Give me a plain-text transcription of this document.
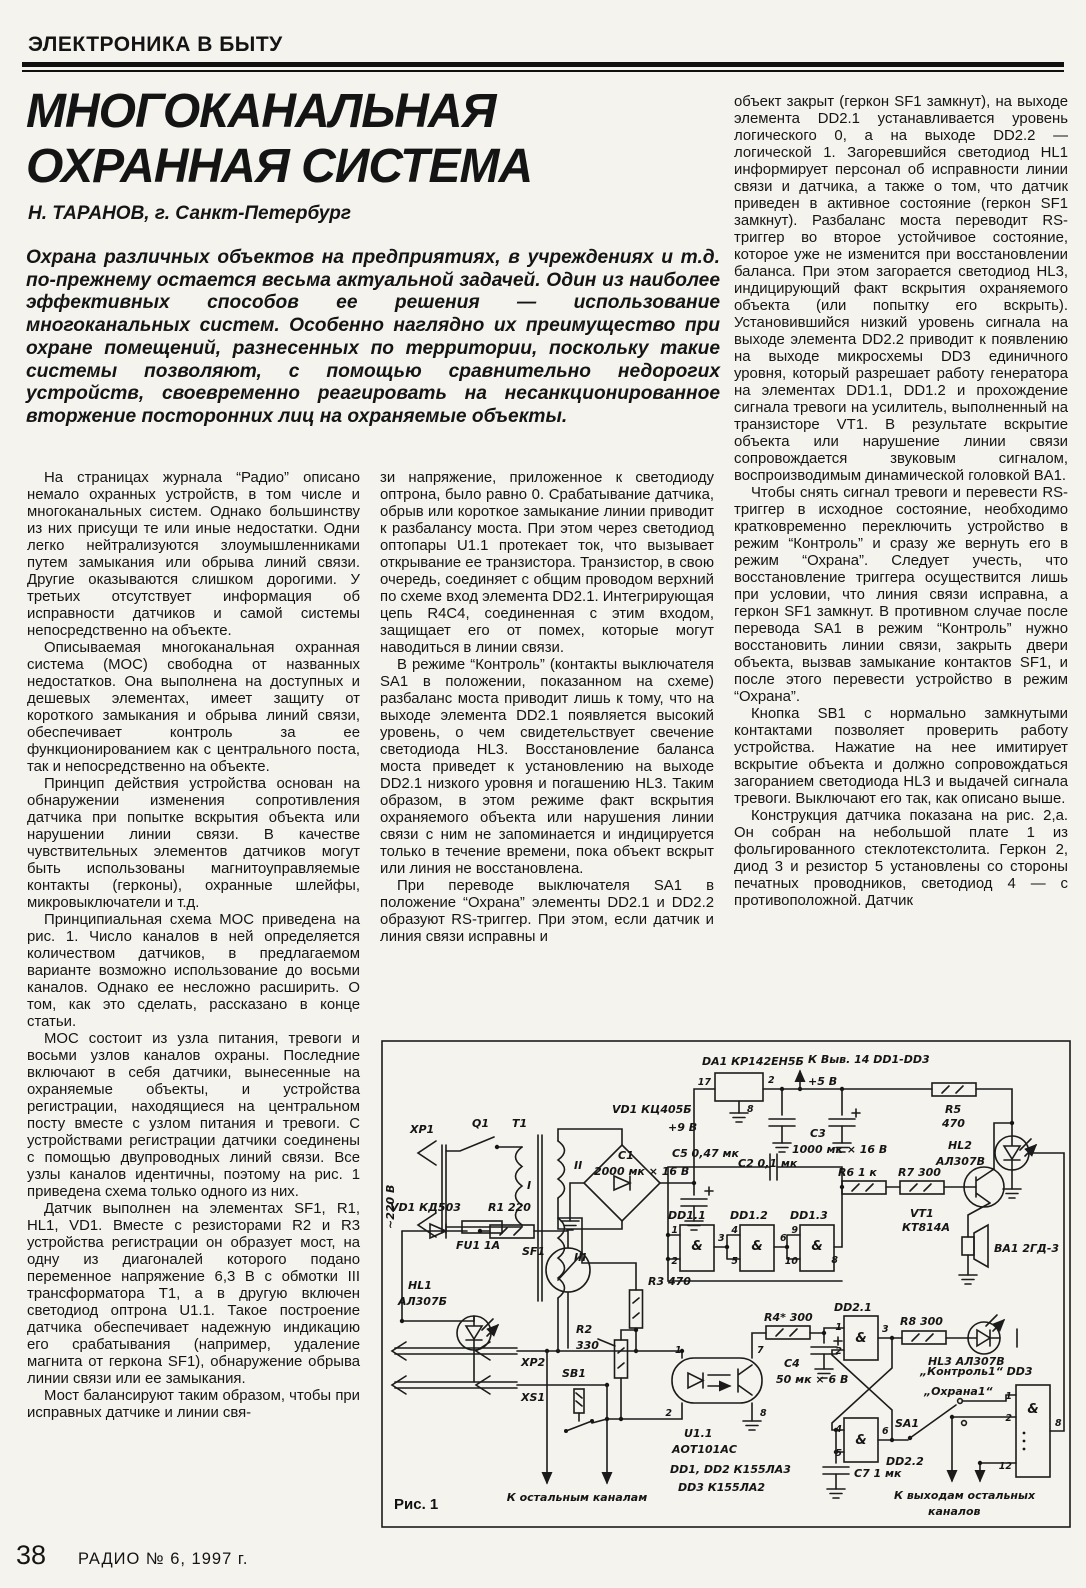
ЭЛЕКТРОНИКА В БЫТУ
МНОГОКАНАЛЬНАЯ
ОХРАННАЯ СИСТЕМА
Н. ТАРАНОВ, г. Санкт-Петербург
Охрана различных объектов на предприятиях, в учреждениях и т.д. по-прежнему остается весьма актуальной задачей. Один из наиболее эффективных способов ее решения — использование многоканальных систем. Особенно наглядно их преимущество при охране помещений, разнесенных по территории, поскольку такие системы позволяют, с помощью сравнительно недорогих устройств, своевременно реагировать на несанкционированное вторжение посторонних лиц на охраняемые объекты.

На страницах журнала “Радио” описано немало охранных устройств, в том числе и многоканальных систем. Однако большинству из них присущи те или иные недостатки. Одни легко нейтрализуются злоумышленниками путем замыкания или обрыва линий связи. Другие оказываются слишком дорогими. У третьих отсутствует информация об исправности датчиков и самой системы непосредственно на объекте.

Описываемая многоканальная охранная система (МОС) свободна от названных недостатков. Она выполнена на доступных и дешевых элементах, имеет защиту от короткого замыкания и обрыва линий связи, обеспечивает контроль за ее функционированием как с центрального поста, так и непосредственно на объекте.

Принцип действия устройства основан на обнаружении изменения сопротивления датчика при попытке вскрытия объекта или нарушении линии связи. В качестве чувствительных элементов датчиков могут быть использованы магнитоуправляемые контакты (герконы), охранные шлейфы, микровыключатели и т.д.

Принципиальная схема МОС приведена на рис. 1. Число каналов в ней определяется количеством датчиков, в предлагаемом варианте возможно использование до восьми каналов. Однако ее несложно расширить. О том, как это сделать, рассказано в конце статьи.

МОС состоит из узла питания, тревоги и восьми узлов каналов охраны. Последние включают в себя датчики, вынесенные на охраняемые объекты, и устройства регистрации, находящиеся на центральном посту вместе с узлом питания и тревоги. С устройствами регистрации датчики соединены с помощью двупроводных линий связи. Все узлы каналов идентичны, поэтому на рис. 1 приведена схема только одного из них.

Датчик выполнен на элементах SF1, R1, HL1, VD1. Вместе с резисторами R2 и R3 устройства регистрации он образует мост, на одну из диагоналей которого подано переменное напряжение 6,3 В с обмотки III трансформатора Т1, а в другую включен светодиод оптрона U1.1. Такое построение датчика обеспечивает надежную индикацию его срабатывания (например, удаление магнита от геркона SF1), обнаружение обрыва линии связи или ее замыкания.

Мост балансируют таким образом, чтобы при исправных датчике и линии свя-

зи напряжение, приложенное к светодиоду оптрона, было равно 0. Срабатывание датчика, обрыв или короткое замыкание линии приводит к разбалансу моста. При этом через светодиод оптопары U1.1 протекает ток, что вызывает открывание ее транзистора. Транзистор, в свою очередь, соединяет с общим проводом верхний по схеме вход элемента DD2.1. Интегрирующая цепь R4C4, соединенная с этим входом, защищает его от помех, которые могут наводиться в линии связи.

В режиме “Контроль” (контакты выключателя SA1 в положении, показанном на схеме) разбаланс моста приводит лишь к тому, что на выходе элемента DD2.1 появляется высокий уровень, о чем свидетельствует свечение светодиода HL3. Восстановление баланса моста приведет к установлению на выходе DD2.1 низкого уровня и погашению HL3. Таким образом, в этом режиме факт вскрытия охраняемого объекта или нарушения линии связи с ним не запоминается и индицируется только в течение времени, пока объект вскрыт или линия не восстановлена.

При переводе выключателя SA1 в положение “Охрана” элементы DD2.1 и DD2.2 образуют RS-триггер. При этом, если датчик и линия связи исправны и

объект закрыт (геркон SF1 замкнут), на выходе элемента DD2.1 устанавливается уровень логического 0, а на выходе DD2.2 — логической 1. Загоревшийся светодиод HL1 информирует персонал об исправности линии связи и датчика, а также о том, что датчик приведен в активное состояние (геркон SF1 замкнут). Разбаланс моста переводит RS-триггер во второе устойчивое состояние, которое уже не изменится при восстановлении баланса. При этом загорается светодиод HL3, индицирующий факт вскрытия охраняемого объекта (или попытку его вскрыть). Установившийся низкий уровень сигнала на выходе элемента DD2.2 приводит к появлению на выходе микросхемы DD3 единичного уровня, который разрешает работу генератора на элементах DD1.1, DD1.2 и прохождение сигнала тревоги на усилитель, выполненный на транзисторе VT1. В результате вскрытие объекта или нарушение линии связи сопровождается звуковым сигналом, воспроизводимым динамической головкой BA1.

Чтобы снять сигнал тревоги и перевести RS-триггер в исходное состояние, необходимо кратковременно переключить устройство в режим “Контроль” и сразу же вернуть его в режим “Охрана”. Следует учесть, что восстановление триггера осуществится лишь при условии, что линия связи исправна, а геркон SF1 замкнут. В противном случае после перевода SA1 в режим “Контроль” нужно восстановить линии связи, закрыть двери объекта, вызвав замыкание контактов SF1, и после этого перевести устройство в режим “Охрана”.

Кнопка SB1 с нормально замкнутыми контактами позволяет проверить работу устройства. Нажатие на нее имитирует вскрытие объекта и должно сопровождаться загоранием светодиода HL3 и выдачей сигнала тревоги. Выключают его так, как описано выше.

Конструкция датчика показана на рис. 2,а. Он собран на небольшой плате 1 из фольгированного стеклотекстолита. Геркон 2, диод 3 и резистор 5 установлены со стороны печатных проводников, светодиод 4 — с противоположной. Датчик

XP1
~220 В
Q1
FU1 1А
T1
I
II
III
VD1 КЦ405Б
+9 В
C1
2000 мк × 16 В
DA1 КР142ЕН5Б
17	2
8
К Выв. 14 DD1-DD3
+5 В
C2 0,1 мк
C3
1000 мк × 16 В
R5
470
HL2
АЛ307В
C5 0,47 мк
R6 1 к R7 300
VT1
КТ814А
BA1 2ГД-3
&	&	&
DD1.1 DD1.2 DD1.3
1
2
3
4
5
6
9
10	8
R3 470
R2
330
VD1 КД503 R1 220
SF1
HL1
АЛ307Б
XP2
XS1
SB1
К остальным каналам
1
2
7
8
U1.1
АОТ101АС
DD1, DD2 К155ЛА3
DD3 К155ЛА2
R4* 300
C4
50 мк × 6 В
&
DD2.1
1
2
3
R8 300
HL3 АЛ307В
„Контроль1“ DD3
„Охрана1“
SA1
&
DD2.2
4
5
6
С7 1 мк
&
1
2
12
8
К выходам остальных
каналов
Рис. 1
38 РАДИО № 6, 1997 г.
